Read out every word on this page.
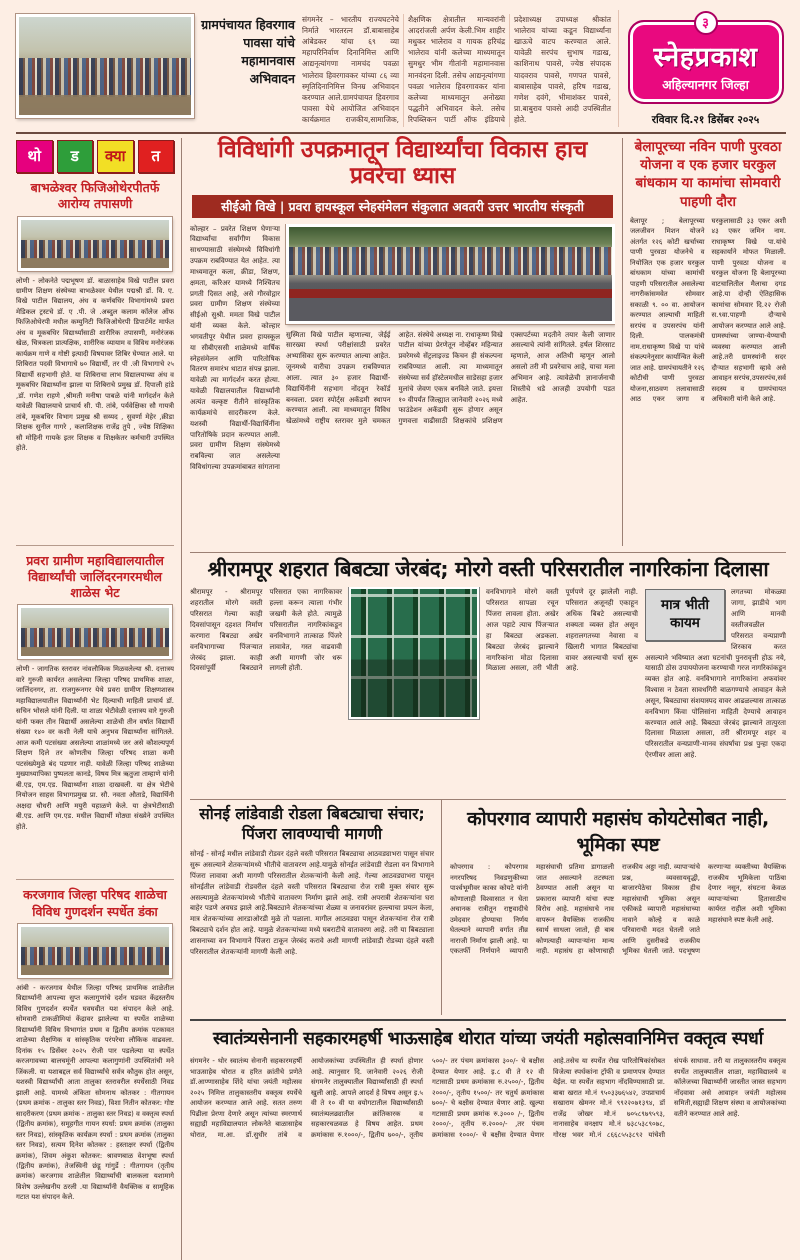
ग्रामपंचायत हिवरगाव पावसा यांचे महामानवास अभिवादन
संगमनेर – भारतीय राज्यघटनेचे निर्माते भारतरत्न डॉ.बाबासाहेब आंबेडकर यांचा ६९ व्या महापरिनिर्वाण दिनानिमित्त आणि आद्यनृत्यांगणा नामचंद पवळा भालेराव हिवरगावकर यांच्या ८६ व्या स्मृतिदिनानिमित्त विनम्र अभिवादन करण्यात आले.ग्रामपंचायत हिवरगाव पावसा येथे आयोजित अभिवादन कार्यक्रमात राजकीय,सामाजिक, शैक्षणिक क्षेत्रातील मान्यवरांनी आदरांजली अर्पण केली.भिम शाहीर मधुकर भालेराव व गायक हरिचंद्र भालेराव यांनी कलेच्या माध्यमातून सुमधुर भीम गीतांनी महामानवास मानवंदना दिली. तसेच आद्यनृत्यांगणा पवळा भालेराव हिवरगावकर यांना कलेच्या माध्यमातून अनोख्या पद्धतीने अभिवादन केले. तसेच रिपब्लिकन पार्टी ऑफ इंडियाचे प्रदेशाध्यक्ष उपाध्यक्ष श्रीकांत भालेराव यांच्या कडून विद्यार्थ्यांना खाऊचे वाटप करण्यात आले. यावेळी सरपंच सुभाष गडाख, काशिनाथ पावसे, ज्येष्ठ संपादक यादवराव पावसे, गणपत पावसे, बाबासाहेब पावसे, हरिष गडाख, गणेश दवंगे, भीमाशंकर पावसे, प्रा.बाबुराव पावसे आदी उपस्थितीत होते.
३
स्नेहप्रकाश
अहिल्यानगर जिल्हा
रविवार दि.२१ डिसेंबर २०२५
थो	ड	क्या	त
बाभळेश्वर फिजिओथेरपीतर्फे आरोग्य तपासणी
लोणी - लोकनेते पद्मभूषण डॉ. बाळासाहेब विखे पाटील प्रवरा ग्रामीण शिक्षण संस्थेच्या बाभळेश्वर येथील पद्मश्री डॉ. वि. ए. विखे पाटील विद्यालय, अंध व कर्णबधिर विभागांमध्ये प्रवरा मेडिकल ट्रस्टचे डॉ. ए .पी. जे .अब्दुल कलाम कॉलेज ऑफ फिजिओथेरपी मधील कम्युनिटी फिजिओथेरपी डिपार्टमेंट मार्फत अंध व मूकबधिर विद्यार्थ्यांसाठी शारीरिक तपासणी, मनोरंजक खेळ, चित्रकला प्रात्यक्षिक, शारीरिक व्यायाम व विविध मनोरंजक कार्यक्रम गाणे व गोष्टी इत्यादी विषयावर शिबिर घेण्यात आले. या शिबिरात पदवी विभागाचे ७० विद्यार्थी, तर पी .जी विभागाचे २५ विद्यार्थी सहभागी होते. या शिबिराचा लाभ विद्यालयाच्या अंध व मूकबधिर विद्यार्थ्यांना झाला या शिबिराचे प्रमुख डॉ. दिपाली हांडे ,डॉ. गणेश राहणे ,श्रीमती मनीषा पाबळे यांनी मार्गदर्शन केले यावेळी विद्यालयाचे प्राचार्य सी. पी. तांबे, पर्यवेक्षिका सौ गायत्री तांबे, मूकबधिर विभाग प्रमुख श्री सय्यद , सुवर्णा मेहेर ,क्रीडा शिक्षक सुनील गागरे , कलाशिक्षक राजेंद्र तुपे , ज्येष्ठ शिक्षिका सौ मोहिनी गायके इतर शिक्षक व शिक्षकेतर कर्मचारी उपस्थित होते.
प्रवरा ग्रामीण महाविद्यालयातील विद्यार्थ्यांची जालिंदरनगरमधील शाळेस भेट
लोणी - जागतिक स्तरावर नांवलौकिक मिळवलेल्या श्री. दत्तात्रय वारे गुरुजी कार्यरत असलेल्या जिल्हा परिषद प्राथमिक शाळा, जालिंदनगर, ता. राजगुरूनगर येथे प्रवरा ग्रामीण शिक्षणशास्त्र महाविद्यालयातील विद्यार्थ्यांनी भेट दिल्याची माहिती प्राचार्य डॉ. सचिन भोसले यांनी दिली. या शाळा भेटीवेळी दत्तात्रय वारे गुरुजी यांनी फक्त तीन विद्यार्थी असलेल्या शाळेची तीन वर्षात विद्यार्थी संख्या १४० वर कशी नेली याचे अनुभव विद्यार्थ्यांना सांगितले. आज कमी पटसंख्या असलेल्या शाळांमध्ये जर असे कौशल्यपूर्ण शिक्षण दिले तर कोणतीच जिल्हा परिषद शाळा कमी पटसंख्येमुळे बंद पडणार नाही. यावेळी जिल्हा परिषद शाळेच्या मुख्याध्यापिका पुष्पलता कानडे, विषय मित्र ऋतुजा ताम्हाणे यांनी बी.एड, एम.एड. विद्यार्थ्यांना शाळा दाखवली. या क्षेत्र भेटीचे नियोजन साहस विभागप्रमुख प्रा. सौ. नवता औताडे, विद्यार्थिनी अक्षदा चौधरी आणि मयुरी यहाळणे केले. या क्षेत्रभेटीसाठी बी.एड. आणि एम.एड. मधील विद्यार्थी मोठ्या संख्येने उपस्थित होते.
करजगाव जिल्हा परिषद शाळेचा विविध गुणदर्शन स्पर्धेत डंका
आंबी - करजगाव येथील जिल्हा परिषद प्राथमिक शाळेतील विद्यार्थ्यांनी आपल्या सुप्त कलागुणांचे दर्शन घडवत केंद्रस्तरीय विविध गुणदर्शन स्पर्धेत घवघवीत यश संपादन केले आहे. सोमवारी टाकळीमियां केंद्रावर झालेल्या या स्पर्धेत शाळेच्या विद्यार्थ्यांनी विविध विभागांत प्रथम व द्वितीय क्रमांक पटकावत शाळेच्या शैक्षणिक व सांस्कृतिक परंपरेचा लौकिक वाढवला. दिनांक १५ डिसेंबर २०२५ रोजी पार पडलेल्या या स्पर्धेत करजगावच्या बालचमूंनी आपल्या कलागुणांनी उपस्थितांची मने जिंकली. या यशाबद्दल सर्व विद्यार्थ्यांचे सर्वत्र कौतुक होत असून, यशस्वी विद्यार्थ्यांची आता तालुका स्तरावरील स्पर्धेसाठी निवड झाली आहे. यामध्ये अंकिता सोमनाथ कोतकर : गीतगायन (प्रथम क्रमांक - तालुका स्तर निवड), विशा नितीन कोतकर: गोष्ट सादरीकरण (प्रथम क्रमांक - तालुका स्तर निवड) व वक्तृत्व स्पर्धा (द्वितीय क्रमांक), समूहगीत गायन स्पर्धा: प्रथम क्रमांक (तालुका स्तर निवड), सांस्कृतिक कार्यक्रम स्पर्धा : प्रथम क्रमांक (तालुका स्तर निवड), सत्यम दिनेश कोतकर : हस्ताक्षर स्पर्धा (द्वितीय क्रमांक), शिवम अंकुश कोतकर: श्रावणबाळ वेशभूषा स्पर्धा (द्वितीय क्रमांक), तेजस्विनी छंडू गांगुर्डे : गीतगायन (तृतीय क्रमांक) करजगाव शाळेतील विद्यार्थ्यांची बालकला यशामागे विशेष उल्लेखनीय ठरली .या विद्यार्थ्यांनी वैयक्तिक व सामूहिक गटात यश संपादन केले.
विविधांगी उपक्रमातून विद्यार्थ्यांचा विकास हाच प्रवरेचा ध्यास
सीईओ विखे | प्रवरा हायस्कूल स्नेहसंमेलन संकुलात अवतरी उत्तर भारतीय संस्कृती
कोल्हार – प्रवरेत शिक्षण घेणाऱ्या विद्यार्थ्यांचा सर्वांगीण विकास साधण्यासाठी संस्थेमध्ये विविधांगी उपक्रम राबविण्यात येत आहेत. त्या माध्यमातून कला, क्रीडा, शिक्षण, क्षमता, करिअर यामध्ये निश्चितच प्रगती दिसत आहे, असे गौरवोद्गार प्रवरा ग्रामीण शिक्षण संस्थेच्या सीईओ सुश्री. ममता विखे पाटील यांनी व्यक्त केले. कोल्हार भगवतीपूर येथील प्रवरा हायस्कूल या सीबीएससी शाळेमध्ये वार्षिक स्नेहसंमेलन आणि पारितोषिक वितरण समारंभ थाटात संपन्न झाला. यावेळी त्या मार्गदर्शन करत होत्या. यावेळी विद्यालयातील विद्यार्थ्यांनी अत्यंत वल्कृष्ट रीतीने सांस्कृतिक कार्यक्रमांचे सादरीकरण केले. यशस्वी विद्यार्थी-विद्यार्थिनींना पारितोषिके प्रदान करण्यात आली. प्रवरा ग्रामीण शिक्षण संस्थेमध्ये राबविल्या जात असलेल्या विविधांगल्या उपक्रमांबाबत सांगताना
सुस्मिता विखे पाटील म्हणाल्या, जेईई सारख्या स्पर्धा परीक्षांसाठी प्रवरेत अभ्यासिका सुरू करण्यात आल्या आहेत. जूनमध्ये वारीचा उपक्रम राबविण्यात आला. त्यात ३० हजार विद्यार्थी-विद्यार्थिनींनी सहभाग नोंदवून रेकॉर्ड बनवला. प्रवरा स्पोर्ट्स अकॅडमी स्थापन करण्यात आली. त्या माध्यमातून विविध खेळांमध्ये राष्ट्रीय स्तरावर मुले चमकत आहेत. संस्थेचे अध्यक्ष ना. राधाकृष्ण विखे पाटील यांच्या प्रेरणेतून नोव्हेंबर महिन्यात प्रवरेमध्ये सेंट्रलाइज्ड किचन ही संकल्पना राबविण्यात आली. त्या माध्यमातून संस्थेच्या सर्व हॉस्टेलमधील साडेसहा हजार मुलांचे जेवण एकत्र बनविले जाते. इयत्ता १० वीपर्यंत जिल्ह्यात जानेवारी २०२६ मध्ये फाउंडेशन अकॅडमी सुरू होणार असून गुणवत्ता वाढीसाठी शिक्षकांचे प्रशिक्षण एक्सपर्टच्या मदतीने तयार केली जाणार असल्याचे त्यांनी सांगितले. हर्षल शिरसाट म्हणाले, आज अतिथी म्हणून आलो असलो तरी मी प्रवरेचाच आहे, याचा मला अभिमान आहे. त्यावेळेची ज्ञानार्जनाची शिस्तीचे धडे आजही उपयोगी पडत आहेत.
बेलापूरच्या नविन पाणी पुरवठा योजना व एक हजार घरकुल बांधकाम या कामांचा सोमवारी पाहणी दौरा
बेलापूर ; बेलापूरच्या जलजीवन मिशन योजने अंतर्गत १२६ कोटी खर्चाच्या पाणी पुरवठा योजनेचे व नियोजित एक हजार घरकुल बांधकाम यांच्या कामांची पाहणी परिसरातील असलेल्या नागरीकांसमवेत सोमवार सकाळी ९. ०० वा. आयोजन करण्यात आल्याची माहिती सरपंच व उपसरपंच यांनी दिली. पालकमंत्री नाम.राधाकृष्ण विखे पा यांचे संकल्पनेनुसार कार्यान्वित केली जात आहे. ग्रामपंचायतीने १२६ कोटीची पाणी पुरवठा योजना,साठवण तलावासाठी आठ एकर जागा व घरकुलासाठी ३३ एकर अशी ४३ एकर जमिन नाम. राधाकृष्ण विखे पा.यांचे सहकार्याने मोफत मिळाली. पाणी पुरवठा योजना व घरकुल योजना हि बेलापूरच्या वाटचालितील मैलाचा दगड आहे.या दोन्ही ऐतिहासिक कामांचा सोमवार दि.२२ रोजी स.९वा.पाहणी दौऱ्याचे आयोजन करण्यात आले आहे. ग्रामस्थांच्या जाण्या-येण्याची व्यवस्था करण्यात आली आहे.तरी ग्रामस्थांनी सदर दौऱ्यात सहभागी व्हावे असे आवाहन सरपंच,उपसरपंच,सर्व सदस्य व ग्रामपंचायत अधिकारी यांनी केले आहे.
श्रीरामपूर शहरात बिबट्या जेरबंद; मोरगे वस्ती परिसरातील नागरिकांना दिलासा
श्रीरामपूर - श्रीरामपूर शहरातील मोरगे वस्ती परिसरात गेल्या काही दिवसांपासून दहशत निर्माण करणारा बिबट्या अखेर वनविभागाच्या पिंजऱ्यात जेरबंद झाला. काही दिवसांपूर्वी बिबट्याने परिसरात एका नागरिकावर हल्ला करून त्याला गंभीर जखमी केले होते. त्यामुळे परिसरातील नागरिकांकडून वनविभागाने तात्काळ पिंजरे लावावेत, गस्त वाढवावी अशी मागणी जोर धरू लागली होती.
वनविभागाने मोरगे वस्ती परिसरात सापळा रचून पिंजरा लावला होता. अखेर आज पहाटे त्याच पिंजऱ्यात हा बिबट्या अडकला. बिबट्या जेरबंद झाल्याने नागरिकांना मोठा दिलासा मिळाला असला, तरी भीती पूर्णपणे दूर झालेली नाही. परिसरात अजूनही एकाहून अधिक बिबटे असल्याची शक्यता व्यक्त होत असून शहरालगतच्या नेवासा व खिलारी भागात बिबट्यांचा वावर असल्याची चर्चा सुरू आहे.
मात्र भीती कायम
लगतच्या मोकळ्या जागा, झाडीचे भाग आणि मानवी वस्तीजवळील परिसरात वन्यप्राणी शिरकाव करत असल्याने भविष्यात अशा घटनांची पुनरावृत्ती होऊ नये, यासाठी ठोस उपाययोजना करण्याची गरज नागरिकांकडून व्यक्त होत आहे. वनविभागाने नागरिकांना अफवांवर विश्वास न ठेवता सावधगिरी बाळगण्याचे आवाहन केले असून, बिबट्याचा संशयास्पद वावर आढळल्यास तात्काळ वनविभाग किंवा पोलिसांना माहिती देण्याचे आवाहन करण्यात आले आहे. बिबट्या जेरबंद झाल्याने तात्पुरता दिलासा मिळाला असला, तरी श्रीरामपूर शहर व परिसरातील वन्यप्राणी-मानव संघर्षांचा प्रश्न पुन्हा एकदा ऐरणीवर आला आहे.
सोनई लांडेवाडी रोडला बिबट्याचा संचार; पिंजरा लावण्याची मागणी
सोनई - सोनई मधील लांडेवाडी रोडवर दंहले वस्ती परिसरात बिबट्याचा आठवड्याभरा पासून संचार सुरू असल्याने शेतकऱ्यांमध्ये भीतीचे वातावरण आहे.यामुळे सोनईत लांडेवाडी रोडला वन विभागाने पिंजरा लावावा अशी मागणी परिसरातील शेतकऱ्यांनी केली आहे. गेल्या आठवड्याभरा पासून सोनईतील लांडेवाडी रोडवरील दंहले वस्ती परिसरात बिबट्याचा रोज रात्री मुक्त संचार सुरू असल्यामुळे शेतकऱ्यांमध्ये भीतीचे वातावरण निर्माण झाले आहे. रात्री अपरात्री शेतकऱ्यांना घरा बाहेर पडणे अवघड झाले आहे.बिबट्याने शेतकऱ्यांच्या शेळ्या व जनावरांवर हल्ल्याचा प्रयत्न केला, मात्र शेतकऱ्यांच्या आरडाओरडी मुळे तो पळाला. मागील आठवड्या पासून शेतकऱ्यांना रोज रात्री बिबट्याचे दर्शन होत आहे. यामुळे शेतकऱ्यांच्या मध्ये घबराटीचे वातावरण आहे. तरी या बिबट्याला शासनाच्या वन विभागाने पिंजरा टाकून जेरबंद करावे अशी मागणी लांडेवाडी रोडच्या दंहले वस्ती परिसरातील शेतकऱ्यांनी मागणी केली आहे.
कोपरगाव व्यापारी महासंघ कोयटेसोबत नाही, भूमिका स्पष्ट
कोपरगाव : कोपरगाव नगरपरिषद निवडणुकीच्या पार्श्वभूमीवर काका कोयटे यांनी कोणालाही विश्वासात न घेता अचानक रात्रीतून राष्ट्रवादीचे उमेदवार होण्याचा निर्णय घेतल्याने व्यापारी वर्गात तीव्र नाराजी निर्माण झाली आहे. या एकतर्फी निर्णयाने व्यापारी महासंघाची प्रतिमा डागाळली जात असल्याने तटस्थता ठेवण्यात आली असून या प्रकारास व्यापारी यांचा स्पष्ट विरोध आहे. महासंघाचे नाव वापरून वैयक्तिक राजकीय स्वार्थ साधला जातो, ही बाब कोणत्याही व्यापाऱ्यांना मान्य नाही. महासंघ हा कोणाचाही राजकीय अड्डा नाही. व्यापाऱ्यांचे प्रश्न, व्यवसायवृद्धी, बाजारपेठेचा विकास हीच महासंघाची भूमिका असून एकीकडे व्यापारी महासंघाच्या नावाने कोल्हे व काळे परिवाराची मदत घेतली जाते आणि दुसरीकडे राजकीय भूमिका घेतली जाते. पदभूषण करणाऱ्या व्यक्तीच्या वैयक्तिक राजकीय भूमिकेला पाठिंबा देणार नसून, संघटना केवळ व्यापाऱ्यांच्या हितासाठीच कार्यरत राहील अशी भूमिका महासंघाने स्पष्ट केली आहे.
स्वातंत्र्यसेनानी सहकारमहर्षी भाऊसाहेब थोरात यांच्या जयंती महोत्सवानिमित्त वक्तृत्व स्पर्धा
संगमनेर - थोर स्वातंत्र्य सेनानी सहकारमहर्षी भाऊसाहेब थोरात व हरित क्रांतीचे प्रणेते डॉ.आण्णासाहेब शिंदे यांचा जयंती महोत्सव २०२५ निमित्त तालुकास्तरीय वक्तृत्व स्पर्धेचे आयोजन करण्यात आले आहे. सतत तरुण पिढीला प्रेरणा देणारे असून त्यांच्या स्मरणार्थ सह्याद्री महाविद्यालयात लोकनेते बाळासाहेब थोरात, मा.आ. डॉ.सुधीर तांबे व आयोजकांच्या उपस्थितीत ही स्पर्धा होणार आहे. त्यानुसार दि. जानेवारी २०२६ रोजी संगमनेर तालुक्यातील विद्यार्थ्यांसाठी ही स्पर्धा खुली आहे. आपले आदर्श हे विषय असून इ.५ वी ते १० वी या वयोगटातील विद्यार्थ्यांसाठी स्वातंत्र्यलढ्यातील क्रांतिकारक व सहकारचळवळ हे विषय आहेत. प्रथम क्रमांकास रु.१०००/-, द्वितीय ७००/-, तृतीय ५००/- तर पंचम क्रमांकास ३००/- चे बक्षीस देण्यात येणार आहे. इ.८ वी ते १२ वी गटासाठी प्रथम क्रमांकास रु.२५००/-, द्वितीय २०००/-, तृतीय १५००/- तर चतुर्थ क्रमांकास ७००/- चे बक्षीस देण्यात येणार आहे. खुल्या गटासाठी प्रथम क्रमांक रु.३००० /-, द्वितीय २०००/-, तृतीय रु.२०००/- ,तर पंचम क्रमांकास १०००/- चे बक्षीस देण्यात येणार आहे.तसेच या स्पर्धेत रोख पारितोषिकांसोबत विजेत्या स्पर्धकांना ट्रॉफी व प्रमाणपत्र देण्यात येईल. या स्पर्धेत सहभाग नोंदविण्यासाठी प्रा. बाबा खरात मो.नं ९५०३३७६५४२, उपप्राचार्य सखाराम खेमनर मो.नं ९९२२०७१३९४, डॉ राजेंद्र जोखर मो.नं ७०५८९७९५९३, नानासाहेब वनक्षाप मो.नं ७३८५३८९०७८, गोरक्ष भवर मो.नं ८६६८५५३८९२ यांचेशी संपर्क साधावा. तरी या तालुकास्तरीय वक्तृत्व स्पर्धेत तालुक्यातील शाळा, महाविद्यालये व कॉलेजच्या विद्यार्थ्यांनी जास्तीत जास्त सहभाग नोंदवावा असे आवाहन जयंती महोत्सव समिती,सह्याद्री शिक्षण संस्था व आयोजकांच्या वतीने करण्यात आले आहे.
